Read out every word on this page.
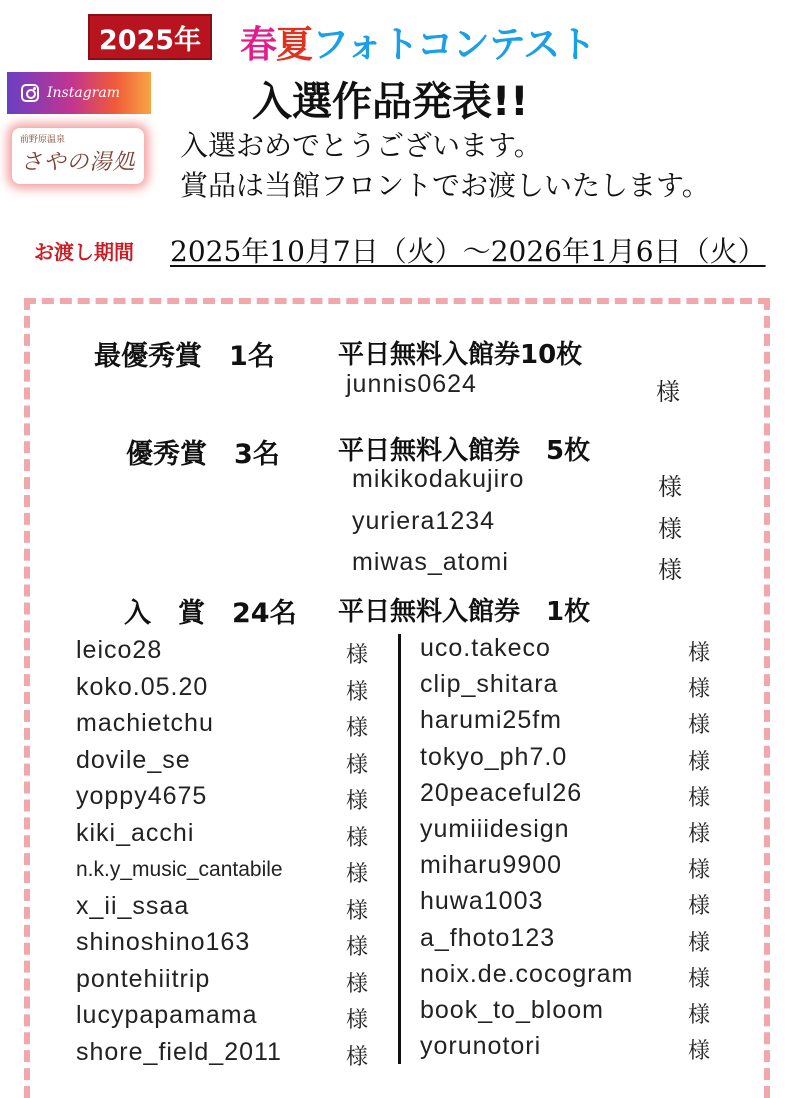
2025年 春夏フォトコンテスト
Instagram	入選作品発表!!
前野原温泉
さやの湯処 入選おめでとうございます。
賞品は当館フロントでお渡しいたします。
お渡し期間 2025年10月7日（火）～2026年1月6日（火）
最優秀賞　1名 平日無料入館券10枚
junnis0624	様
優秀賞　3名 平日無料入館券　5枚
mikikodakujiro	様
yuriera1234	様
miwas_atomi	様
入　賞　24名 平日無料入館券　1枚
leico28	様
koko.05.20	様
machietchu	様
dovile_se	様
yoppy4675	様
kiki_acchi	様
n.k.y_music_cantabile	様
x_ii_ssaa	様
shinoshino163	様
pontehiitrip	様
lucypapamama	様
shore_field_2011	様
uco.takeco	様
clip_shitara	様
harumi25fm	様
tokyo_ph7.0	様
20peaceful26	様
yumiiidesign	様
miharu9900	様
huwa1003	様
a_fhoto123	様
noix.de.cocogram 様
book_to_bloom	様
yorunotori	様
